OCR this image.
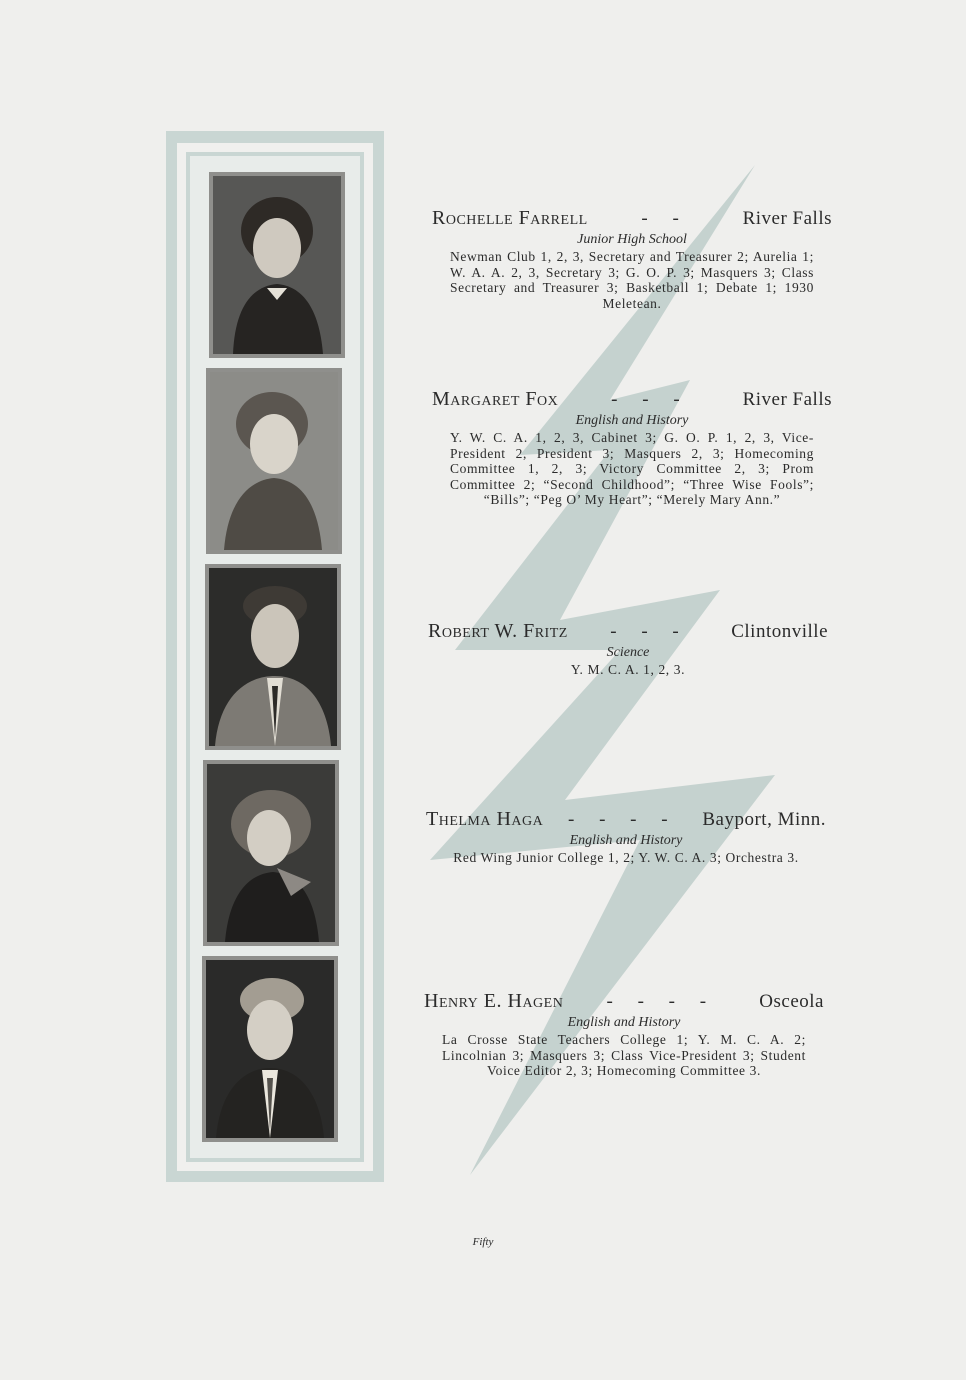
Rochelle Farrell	- -	River Falls
Junior High School
Newman Club 1, 2, 3, Secretary and Treasurer 2; Aurelia 1; W. A. A. 2, 3, Secretary 3; G. O. P. 3; Masquers 3; Class Secretary and Treasurer 3; Basketball 1; Debate 1; 1930 Meletean.
Margaret Fox	- - -	River Falls
English and History
Y. W. C. A. 1, 2, 3, Cabinet 3; G. O. P. 1, 2, 3, Vice-President 2, President 3; Masquers 2, 3; Homecoming Committee 1, 2, 3; Victory Committee 2, 3; Prom Committee 2; “Second Childhood”; “Three Wise Fools”; “Bills”; “Peg O’ My Heart”; “Merely Mary Ann.”
Robert W. Fritz - - - Clintonville
Science
Y. M. C. A. 1, 2, 3.
Thelma Haga - - - - Bayport, Minn.
English and History
Red Wing Junior College 1, 2; Y. W. C. A. 3; Orchestra 3.
Henry E. Hagen - - - - Osceola
English and History
La Crosse State Teachers College 1; Y. M. C. A. 2; Lincolnian 3; Masquers 3; Class Vice-President 3; Student Voice Editor 2, 3; Homecoming Committee 3.
Fifty
